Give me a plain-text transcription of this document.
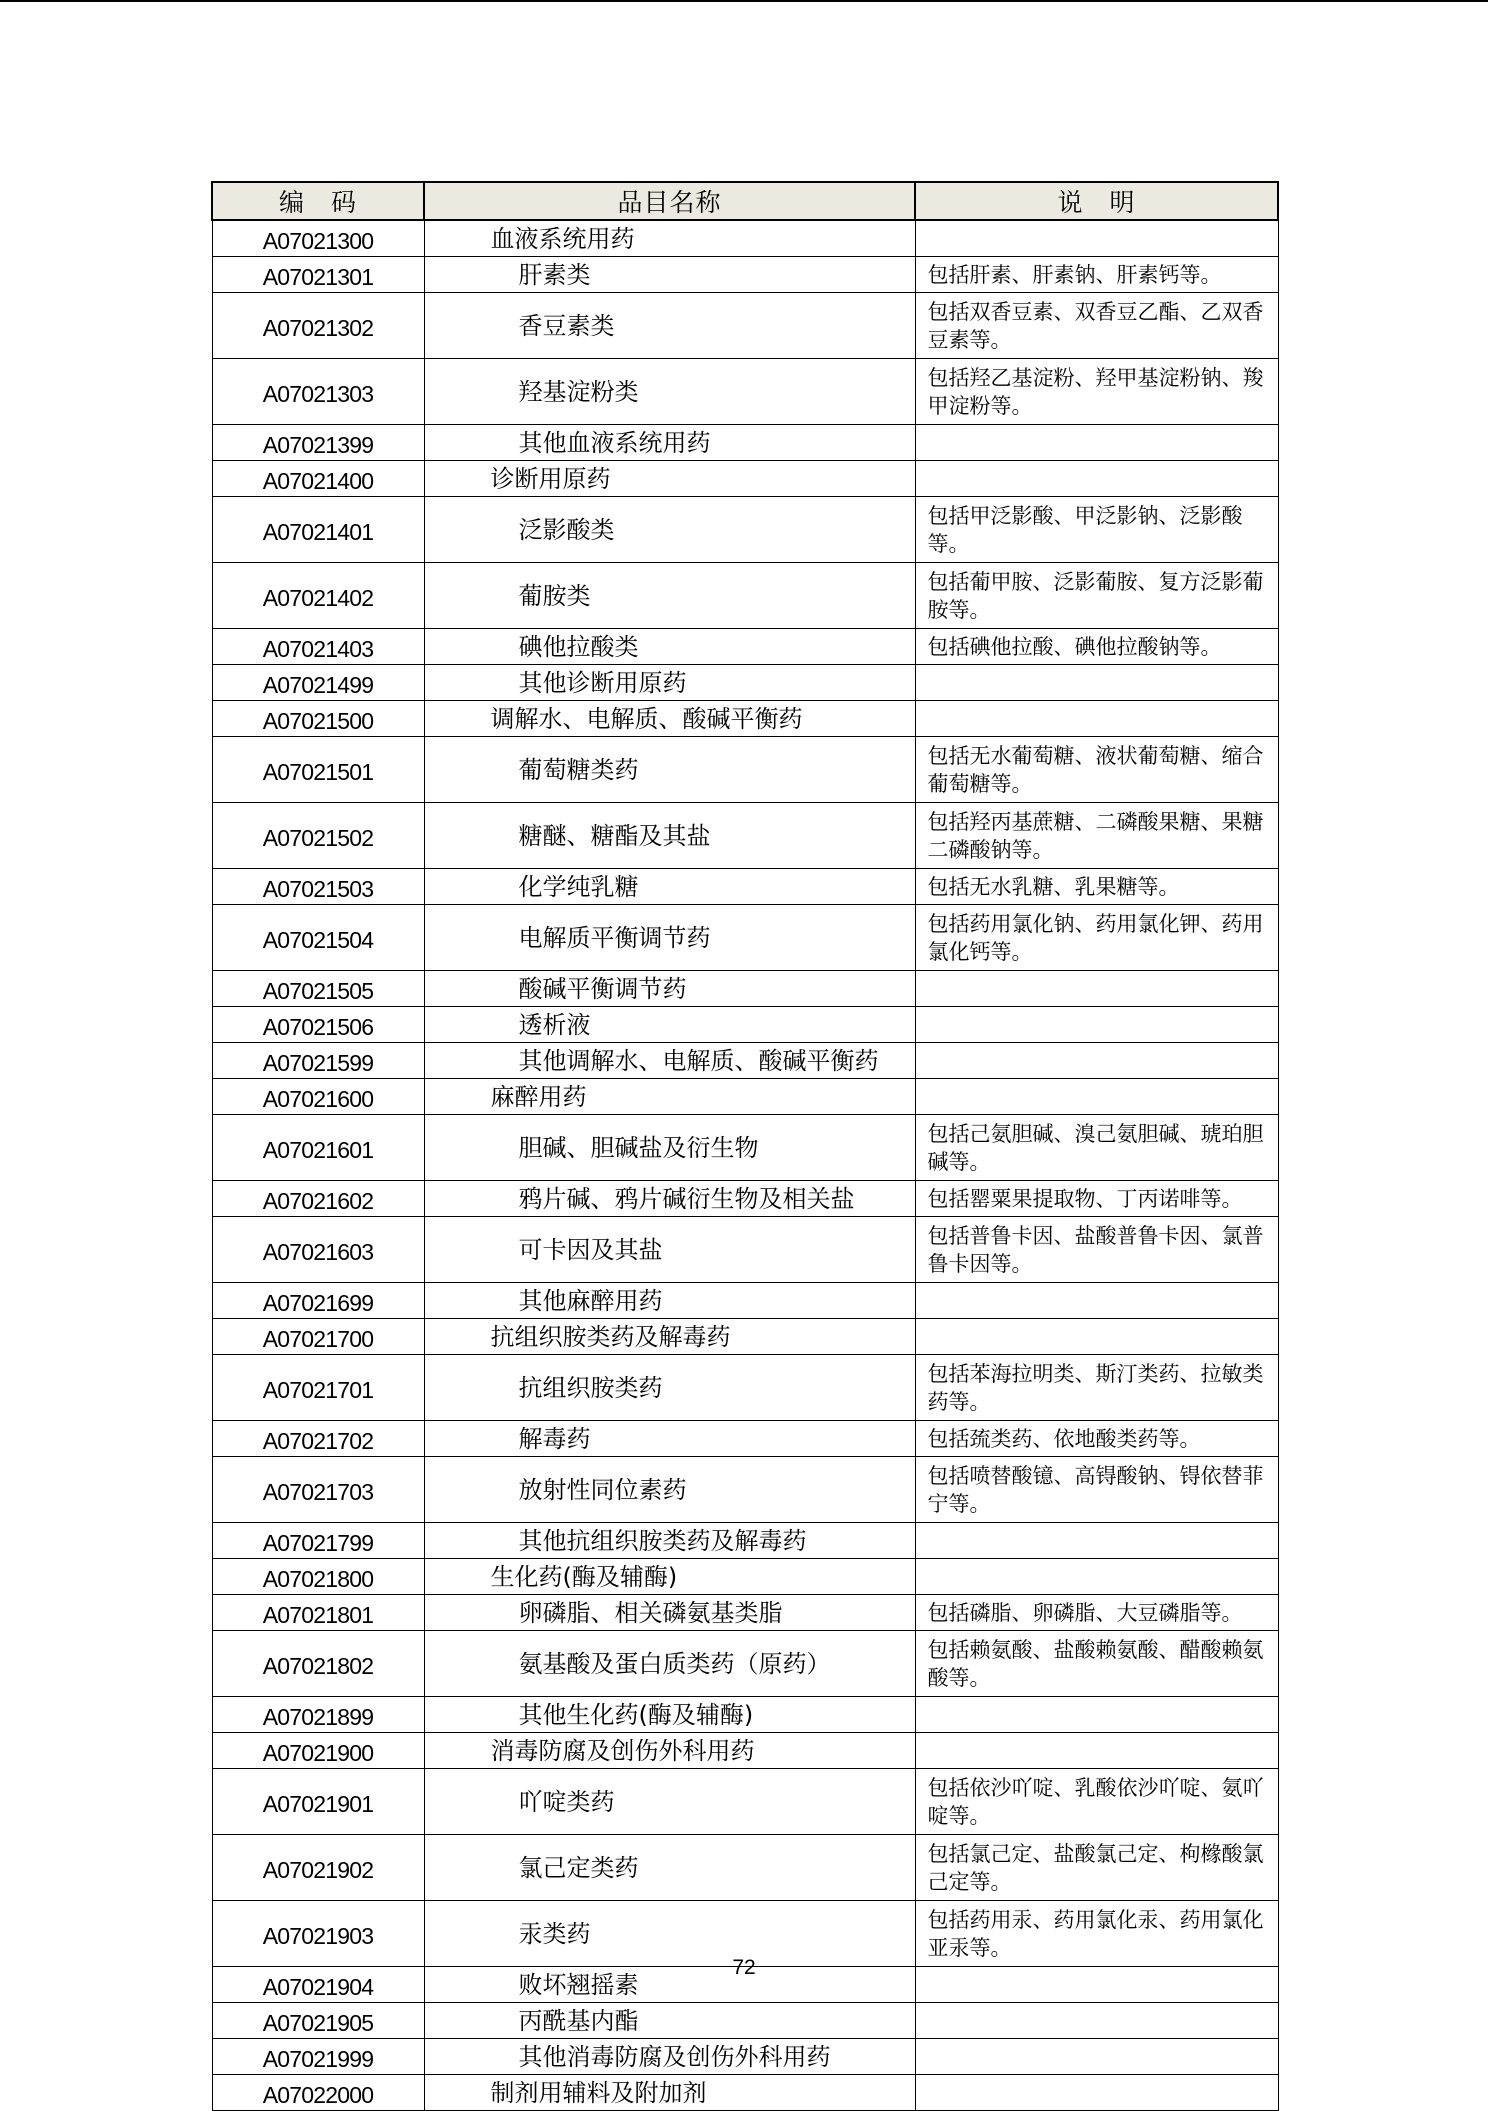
编　码	品目名称	说　明
A07021300	血液系统用药	
A07021301	肝素类	包括肝素、肝素钠、肝素钙等。
A07021302	香豆素类	包括双香豆素、双香豆乙酯、乙双香豆素等。
A07021303	羟基淀粉类	包括羟乙基淀粉、羟甲基淀粉钠、羧甲淀粉等。
A07021399	其他血液系统用药	
A07021400	诊断用原药	
A07021401	泛影酸类	包括甲泛影酸、甲泛影钠、泛影酸等。
A07021402	葡胺类	包括葡甲胺、泛影葡胺、复方泛影葡胺等。
A07021403	碘他拉酸类	包括碘他拉酸、碘他拉酸钠等。
A07021499	其他诊断用原药	
A07021500	调解水、电解质、酸碱平衡药	
A07021501	葡萄糖类药	包括无水葡萄糖、液状葡萄糖、缩合葡萄糖等。
A07021502	糖醚、糖酯及其盐	包括羟丙基蔗糖、二磷酸果糖、果糖二磷酸钠等。
A07021503	化学纯乳糖	包括无水乳糖、乳果糖等。
A07021504	电解质平衡调节药	包括药用氯化钠、药用氯化钾、药用氯化钙等。
A07021505	酸碱平衡调节药	
A07021506	透析液	
A07021599	其他调解水、电解质、酸碱平衡药	
A07021600	麻醉用药	
A07021601	胆碱、胆碱盐及衍生物	包括己氨胆碱、溴己氨胆碱、琥珀胆碱等。
A07021602	鸦片碱、鸦片碱衍生物及相关盐	包括罂粟果提取物、丁丙诺啡等。
A07021603	可卡因及其盐	包括普鲁卡因、盐酸普鲁卡因、氯普鲁卡因等。
A07021699	其他麻醉用药	
A07021700	抗组织胺类药及解毒药	
A07021701	抗组织胺类药	包括苯海拉明类、斯汀类药、拉敏类药等。
A07021702	解毒药	包括巯类药、依地酸类药等。
A07021703	放射性同位素药	包括喷替酸镱、高锝酸钠、锝依替菲宁等。
A07021799	其他抗组织胺类药及解毒药	
A07021800	生化药(酶及辅酶)	
A07021801	卵磷脂、相关磷氨基类脂	包括磷脂、卵磷脂、大豆磷脂等。
A07021802	氨基酸及蛋白质类药（原药）	包括赖氨酸、盐酸赖氨酸、醋酸赖氨酸等。
A07021899	其他生化药(酶及辅酶)	
A07021900	消毒防腐及创伤外科用药	
A07021901	吖啶类药	包括依沙吖啶、乳酸依沙吖啶、氨吖啶等。
A07021902	氯己定类药	包括氯己定、盐酸氯己定、枸橼酸氯己定等。
A07021903	汞类药	包括药用汞、药用氯化汞、药用氯化亚汞等。
A07021904	败坏翘摇素	
A07021905	丙酰基内酯	
A07021999	其他消毒防腐及创伤外科用药	
A07022000	制剂用辅料及附加剂	
72
